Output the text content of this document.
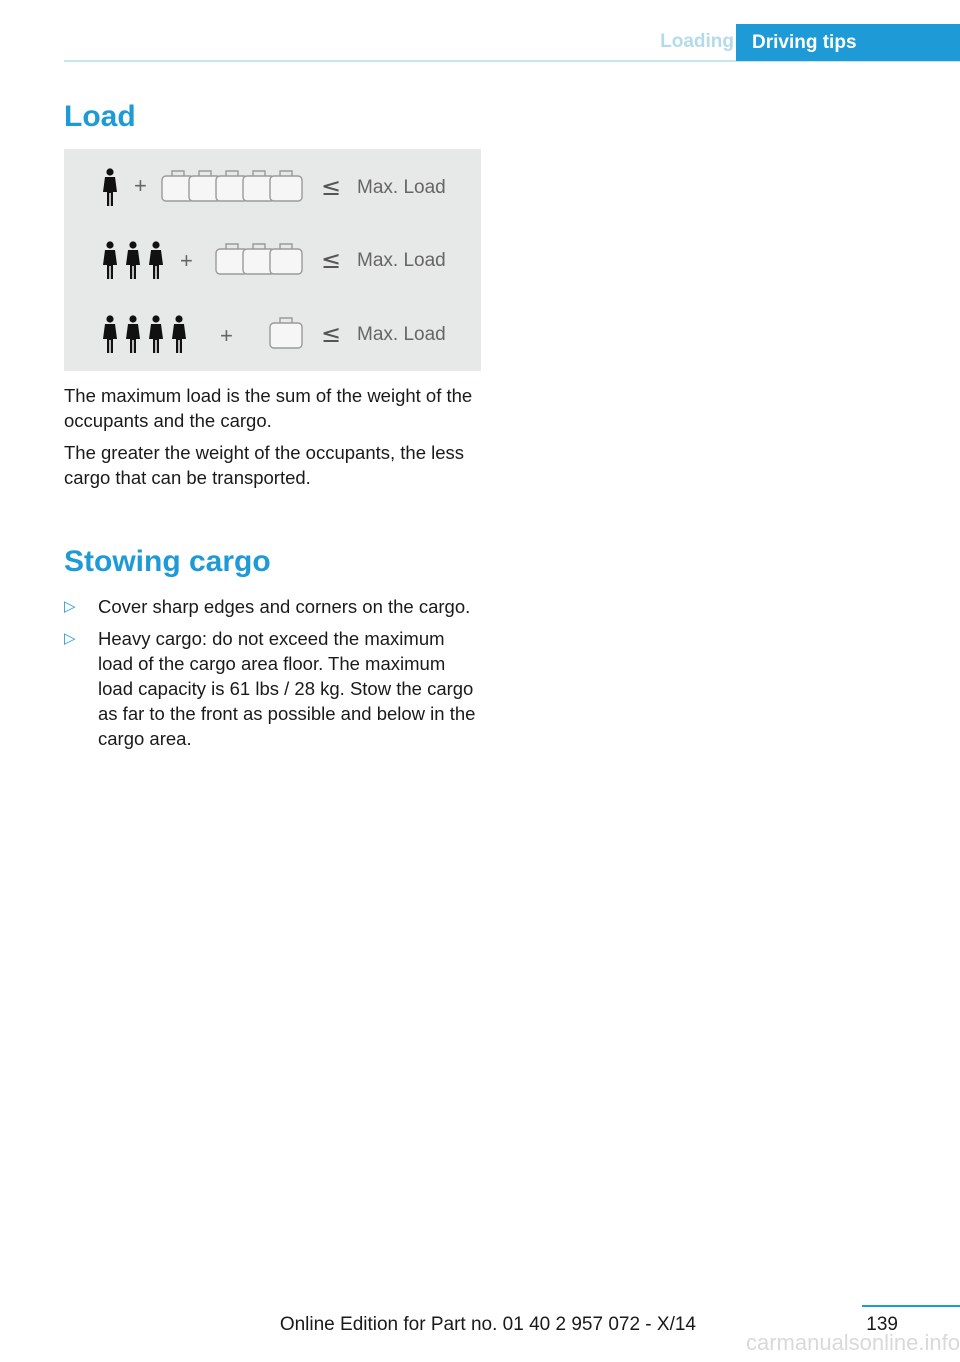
Loading Driving tips
Load
+	≤ Max. Load
+	≤ Max. Load
+	≤ Max. Load

The maximum load is the sum of the weight of the occupants and the cargo.

The greater the weight of the occupants, the less cargo that can be transported.

Stowing cargo
▷ Cover sharp edges and corners on the cargo.
▷ Heavy cargo: do not exceed the maximum load of the cargo area floor. The maximum load capacity is 61 lbs / 28 kg. Stow the cargo as far to the front as possible and below in the cargo area.
139
Online Edition for Part no. 01 40 2 957 072 - X/14
carmanualsonline.info
